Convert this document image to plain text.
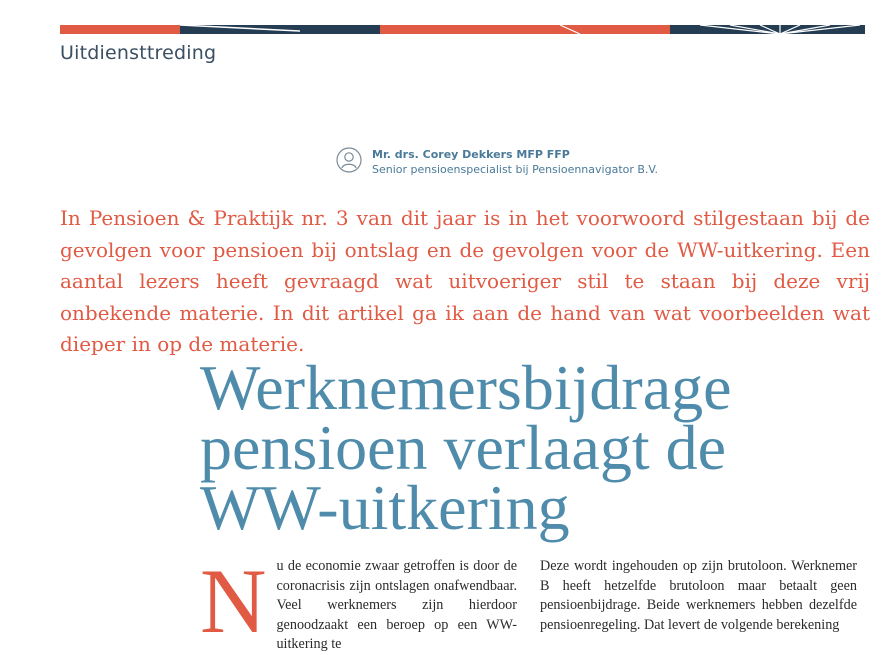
Uitdiensttreding
Mr. drs. Corey Dekkers MFP FFP
Senior pensioenspecialist bij Pensioennavigator B.V.

In Pensioen & Praktijk nr. 3 van dit jaar is in het voorwoord stilgestaan bij de gevolgen voor pensioen bij ontslag en de gevolgen voor de WW-uitkering. Een aantal lezers heeft gevraagd wat uitvoeriger stil te staan bij deze vrij onbekende materie. In dit artikel ga ik aan de hand van wat voorbeelden wat dieper in op de materie.

Werknemersbijdrage
pensioen verlaagt de
WW-uitkering
N u de economie zwaar getroffen is door de coronacrisis zijn ontslagen onafwendbaar. Veel werknemers zijn hierdoor genoodzaakt een beroep op een WW-uitkering te
Deze wordt ingehouden op zijn brutoloon. Werknemer B heeft hetzelfde brutoloon maar betaalt geen pensioenbijdrage. Beide werknemers hebben dezelfde pensioenregeling. Dat levert de volgende berekening
